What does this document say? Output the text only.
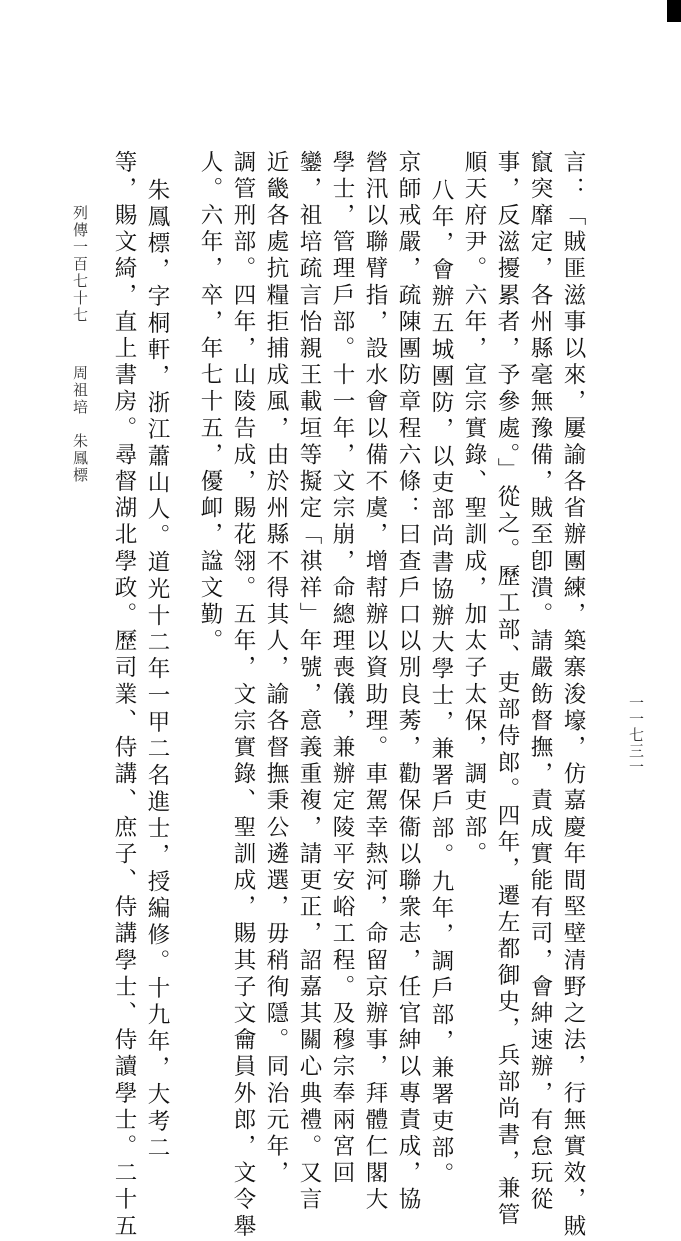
言：「賊匪滋事以來，屢諭各省辦團練，築寨浚壕，仿嘉慶年間堅壁清野之法，行無實效，賊
竄突靡定，各州縣毫無豫備，賊至卽潰。請嚴飭督撫，責成實能有司，會紳速辦，有怠玩從
事，反滋擾累者，予參處。」從之。歷工部、吏部侍郎。四年，遷左都御史，兵部尚書，兼管
順天府尹。六年，宣宗實錄、聖訓成，加太子太保，調吏部。
八年，會辦五城團防，以吏部尚書協辦大學士，兼署戶部。九年，調戶部，兼署吏部。
京師戒嚴，疏陳團防章程六條：曰查戶口以別良莠，勸保衞以聯衆志，任官紳以專責成，協
營汛以聯臂指，設水會以備不虞，增幇辦以資助理。車駕幸熱河，命留京辦事，拜體仁閣大
學士，管理戶部。十一年，文宗崩，命總理喪儀，兼辦定陵平安峪工程。及穆宗奉兩宮回
鑾，祖培疏言怡親王載垣等擬定「祺祥」年號，意義重複，請更正，詔嘉其關心典禮。又言
近畿各處抗糧拒捕成風，由於州縣不得其人，諭各督撫秉公遴選，毋稍徇隱。同治元年，
調管刑部。四年，山陵告成，賜花翎。五年，文宗實錄、聖訓成，賜其子文龠員外郎，文令舉
人。六年，卒，年七十五，優卹，諡文勤。
朱鳳標，字桐軒，浙江蕭山人。道光十二年一甲二名進士，授編修。十九年，大考二
等，賜文綺，直上書房。尋督湖北學政。歷司業、侍講、庶子、侍講學士、侍讀學士。二十五
列傳一百七十七
周祖培　朱鳳標
一一七三一
